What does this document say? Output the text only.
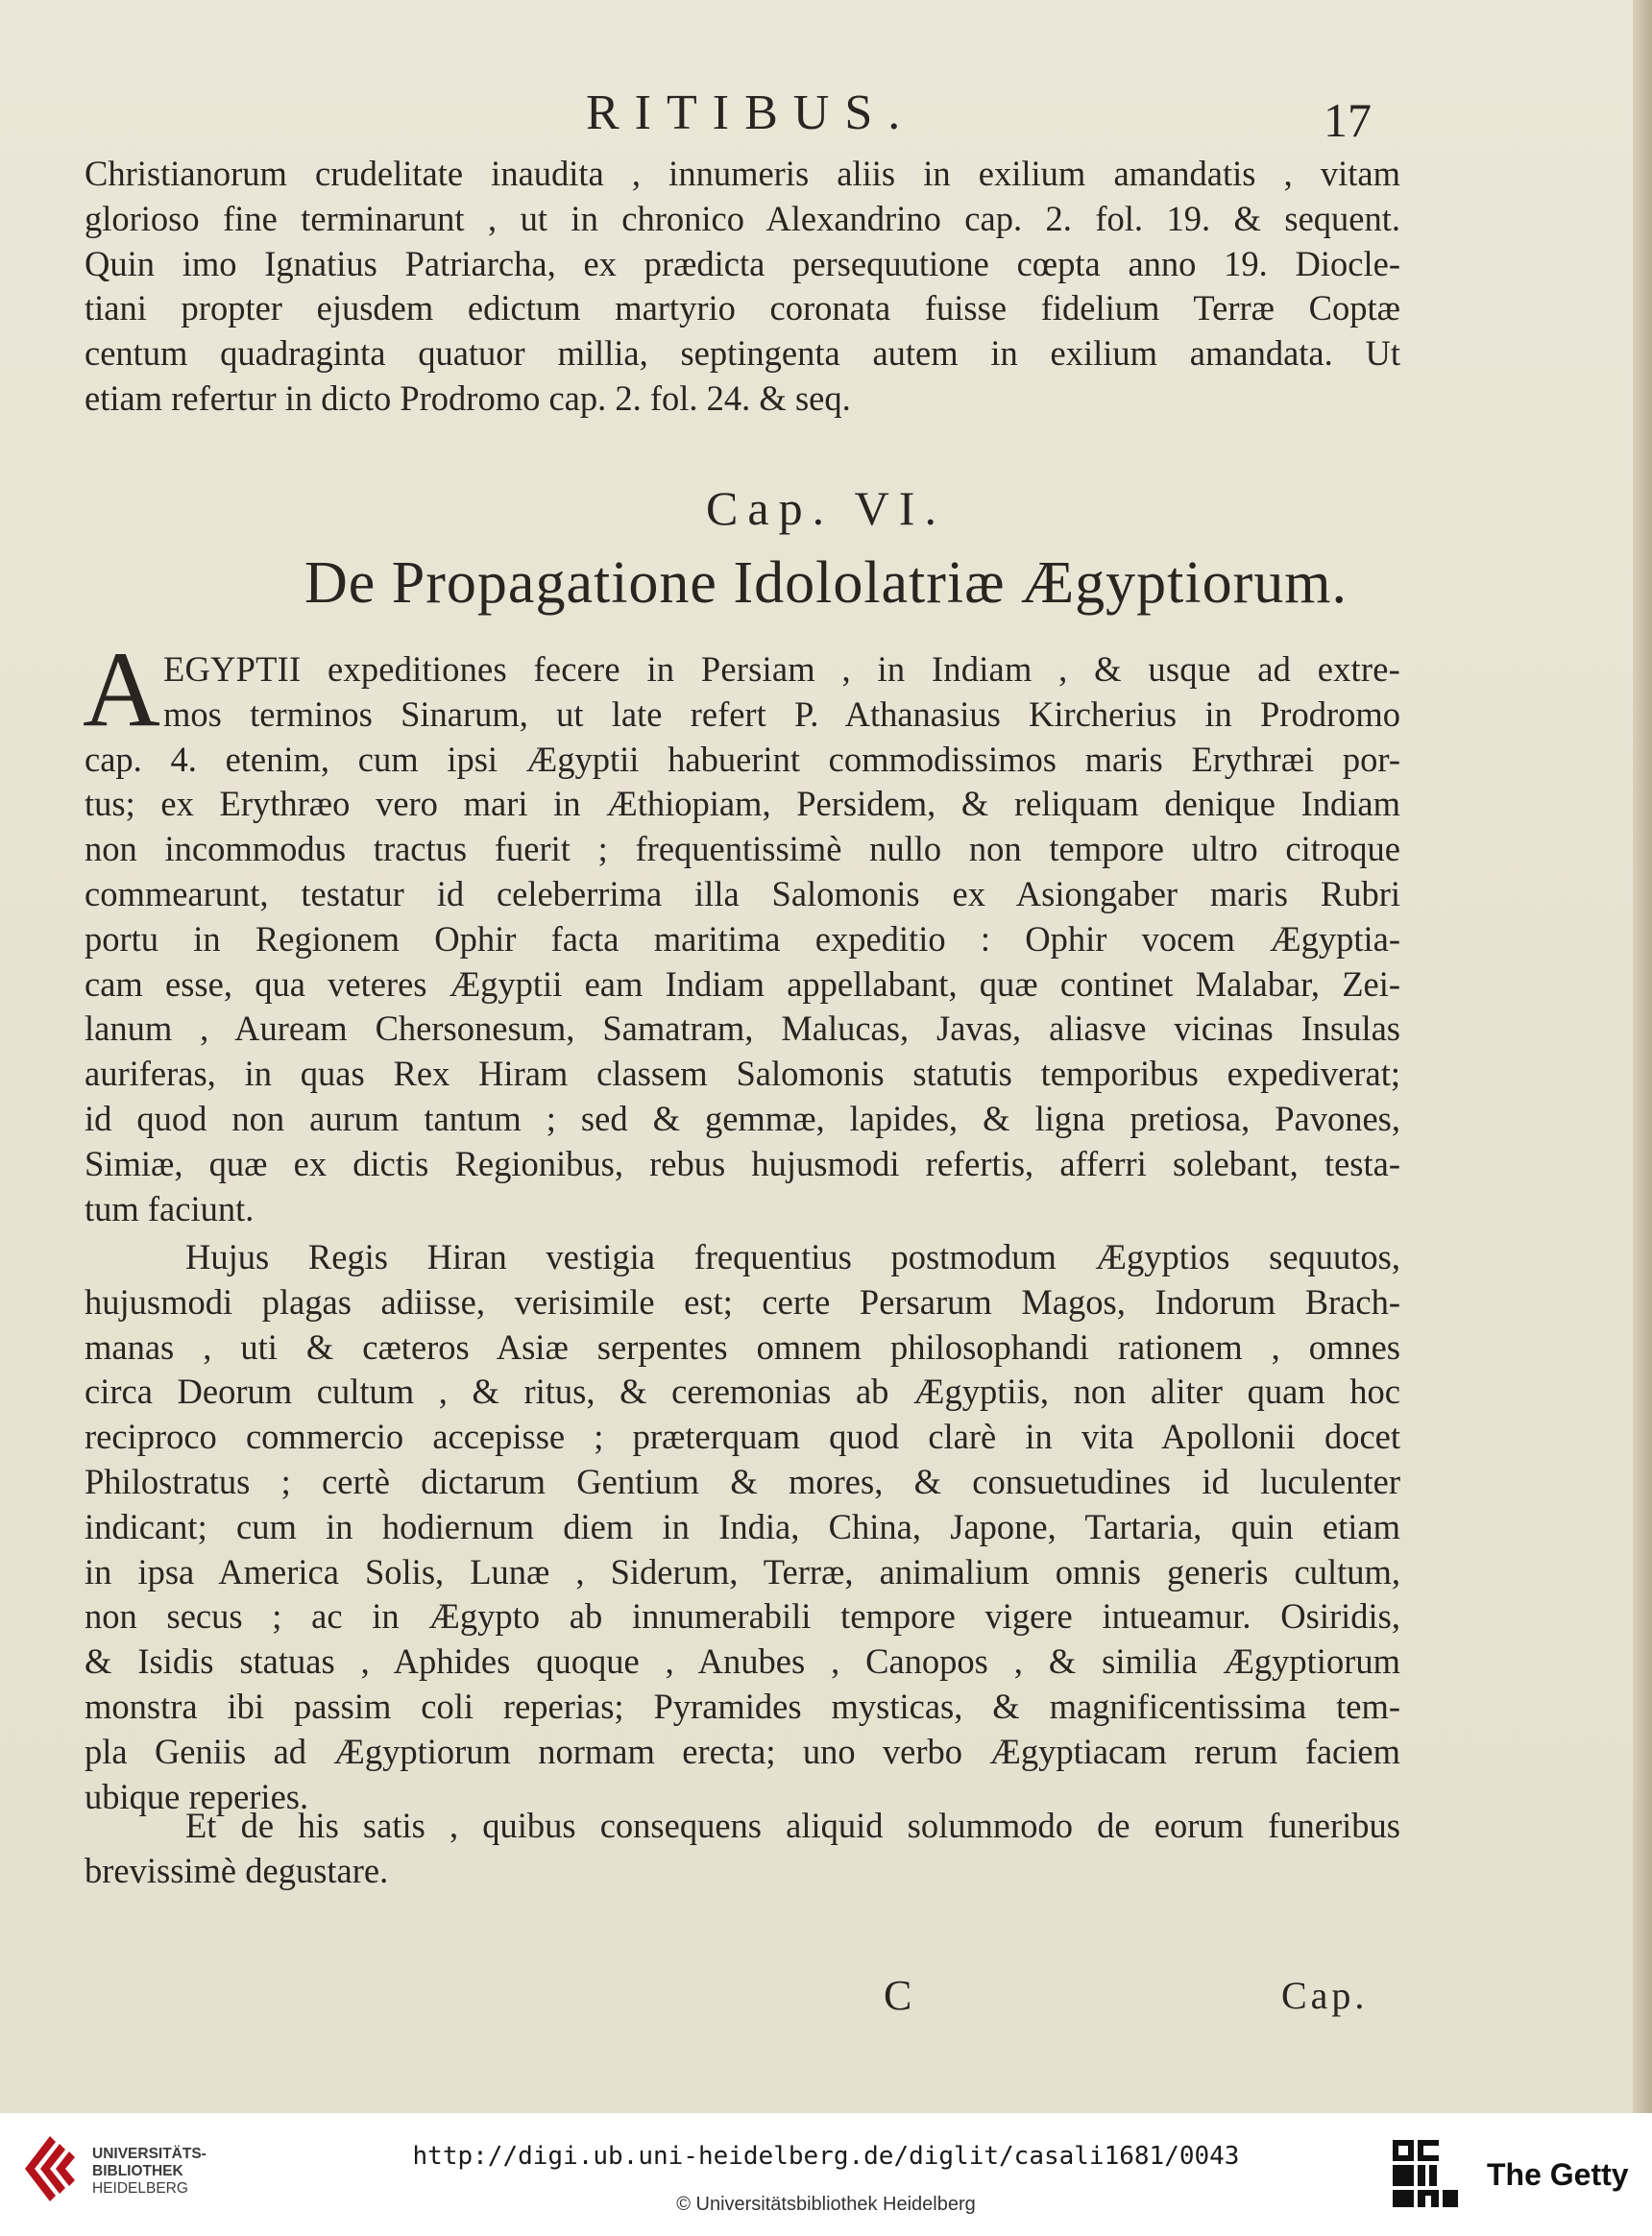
RITIBUS.	17
Christianorum crudelitate inaudita , innumeris aliis in exilium amandatis , vitam
glorioso fine terminarunt , ut in chronico Alexandrino cap. 2. fol. 19. & sequent.
Quin imo Ignatius Patriarcha, ex prædicta persequutione cœpta anno 19. Diocle-
tiani propter ejusdem edictum martyrio coronata fuisse fidelium Terræ Coptæ
centum quadraginta quatuor millia, septingenta autem in exilium amandata. Ut
etiam refertur in dicto Prodromo cap. 2. fol. 24. & seq.
Cap. VI.
De Propagatione Idololatriæ Ægyptiorum.
A EGYPTII expeditiones fecere in Persiam , in Indiam , & usque ad extre-
mos terminos Sinarum, ut late refert P. Athanasius Kircherius in Prodromo
cap. 4. etenim, cum ipsi Ægyptii habuerint commodissimos maris Erythræi por-
tus; ex Erythræo vero mari in Æthiopiam, Persidem, & reliquam denique Indiam
non incommodus tractus fuerit ; frequentissimè nullo non tempore ultro citroque
commearunt, testatur id celeberrima illa Salomonis ex Asiongaber maris Rubri
portu in Regionem Ophir facta maritima expeditio : Ophir vocem Ægyptia-
cam esse, qua veteres Ægyptii eam Indiam appellabant, quæ continet Malabar, Zei-
lanum , Auream Chersonesum, Samatram, Malucas, Javas, aliasve vicinas Insulas
auriferas, in quas Rex Hiram classem Salomonis statutis temporibus expediverat;
id quod non aurum tantum ; sed & gemmæ, lapides, & ligna pretiosa, Pavones,
Simiæ, quæ ex dictis Regionibus, rebus hujusmodi refertis, afferri solebant, testa-
tum faciunt.
Hujus Regis Hiran vestigia frequentius postmodum Ægyptios sequutos,
hujusmodi plagas adiisse, verisimile est; certe Persarum Magos, Indorum Brach-
manas , uti & cæteros Asiæ serpentes omnem philosophandi rationem , omnes
circa Deorum cultum , & ritus, & ceremonias ab Ægyptiis, non aliter quam hoc
reciproco commercio accepisse ; præterquam quod clarè in vita Apollonii docet
Philostratus ; certè dictarum Gentium & mores, & consuetudines id luculenter
indicant; cum in hodiernum diem in India, China, Japone, Tartaria, quin etiam
in ipsa America Solis, Lunæ , Siderum, Terræ, animalium omnis generis cultum,
non secus ; ac in Ægypto ab innumerabili tempore vigere intueamur. Osiridis,
& Isidis statuas , Aphides quoque , Anubes , Canopos , & similia Ægyptiorum
monstra ibi passim coli reperias; Pyramides mysticas, & magnificentissima tem-
pla Geniis ad Ægyptiorum normam erecta; uno verbo Ægyptiacam rerum faciem
ubique reperies.
Et de his satis , quibus consequens aliquid solummodo de eorum funeribus
brevissimè degustare.
C	Cap.
UNIVERSITÄTS-
BIBLIOTHEK
HEIDELBERG
http://digi.ub.uni-heidelberg.de/diglit/casali1681/0043
© Universitätsbibliothek Heidelberg
The Getty
